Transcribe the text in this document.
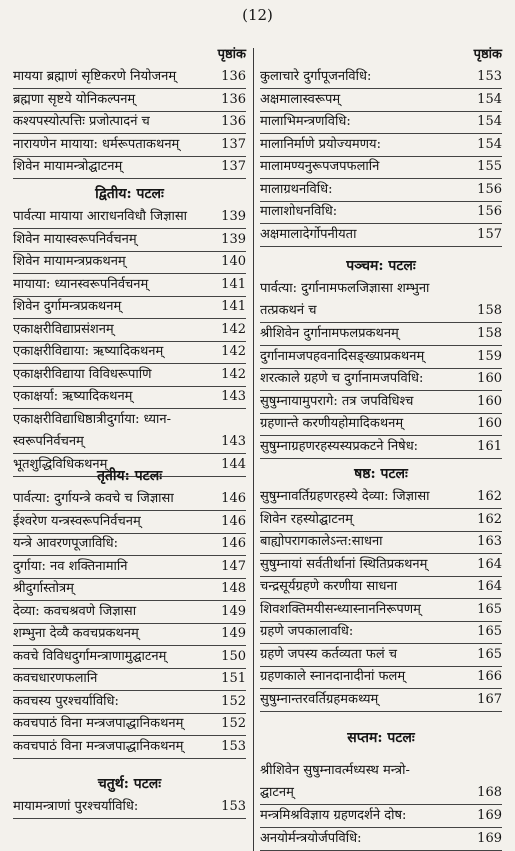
(12)
पृष्ठांक
मायया ब्रह्माणं सृष्टिकरणे नियोजनम्	136
ब्रह्मणा सृष्टये योनिकल्पनम्	136
कश्यपस्योत्पत्तिः प्रजोत्पादनं च	136
नारायणेन मायाया: धर्मरूपताकथनम्	137
शिवेन मायामन्त्रोद्घाटनम्	137
द्वितीय: पटलः
पार्वत्या मायाया आराधनविधौ जिज्ञासा	139
शिवेन मायास्वरूपनिर्वचनम्	139
शिवेन मायामन्त्रप्रकथनम्	140
मायाया: ध्यानस्वरूपनिर्वचनम्	141
शिवेन दुर्गामन्त्रप्रकथनम्	141
एकाक्षरीविद्याप्रसंशनम्	142
एकाक्षरीविद्याया: ऋष्यादिकथनम्	142
एकाक्षरीविद्याया विविधरूपाणि	142
एकाक्षर्या: ऋष्यादिकथनम्	143
एकाक्षरीविद्याधिष्ठात्रीदुर्गाया: ध्यान-
स्वरूपनिर्वचनम्	143
भूतशुद्धिविधिकथनम्	144
तृतीय: पटलः
पार्वत्या: दुर्गायन्त्रे कवचे च जिज्ञासा	146
ईश्वरेण यन्त्रस्वरूपनिर्वचनम्	146
यन्त्रे आवरणपूजाविधि:	146
दुर्गाया: नव शक्तिनामानि	147
श्रीदुर्गास्तोत्रम्	148
देव्या: कवचश्रवणे जिज्ञासा	149
शम्भुना देव्यै कवचप्रकथनम्	149
कवचे विविधदुर्गामन्त्राणामुद्घाटनम्	150
कवचधारणफलानि	151
कवचस्य पुरश्चर्याविधि:	152
कवचपाठं विना मन्त्रजपाद्धानिकथनम्	152
कवचपाठं विना मन्त्रजपाद्धानिकथनम्	153
चतुर्थ: पटलः
मायामन्त्राणां पुरश्चर्याविधि:	153
पृष्ठांक
कुलाचारे दुर्गापूजनविधि:	153
अक्षमालास्वरूपम्	154
मालाभिमन्त्रणविधि:	154
मालानिर्माणे प्रयोज्यमणय:	154
मालामण्यनुरूपजपफलानि	155
मालाग्रथनविधि:	156
मालाशोधनविधि:	156
अक्षमालादेर्गोपनीयता	157
पञ्चम: पटलः
पार्वत्या: दुर्गानामफलजिज्ञासा शम्भुना
तत्प्रकथनं च	158
श्रीशिवेन दुर्गानामफलप्रकथनम्	158
दुर्गानामजपहवनादिसङ्ख्याप्रकथनम्	159
शरत्काले ग्रहणे च दुर्गानामजपविधि:	160
सुषुम्नायामुपरागे: तत्र जपविधिश्च	160
ग्रहणान्ते करणीयहोमादिकथनम्	160
सुषुम्नाग्रहणरहस्यस्यप्रकटने निषेध:	161
षष्ठ: पटलः
सुषुम्नावर्तिग्रहणरहस्ये देव्या: जिज्ञासा	162
शिवेन रहस्योद्घाटनम्	162
बाह्योपरागकालेऽन्त:साधना	163
सुषुम्नायां सर्वतीर्थानां स्थितिप्रकथनम्	164
चन्द्रसूर्यग्रहणे करणीया साधना	164
शिवशक्तिमयीसन्ध्यास्नाननिरूपणम्	165
ग्रहणे जपकालावधि:	165
ग्रहणे जपस्य कर्तव्यता फलं च	165
ग्रहणकाले स्नानदानादीनां फलम्	166
सुषुम्नान्तरवर्तिग्रहमकथ्यम्	167
सप्तम: पटलः
श्रीशिवेन सुषुम्नावर्त्मध्यस्थ मन्त्रो-
द्घाटनम्	168
मन्त्रमिश्रविज्ञाय ग्रहणदर्शने दोष:	169
अनयोर्मन्त्रयोर्जपविधि:	169
